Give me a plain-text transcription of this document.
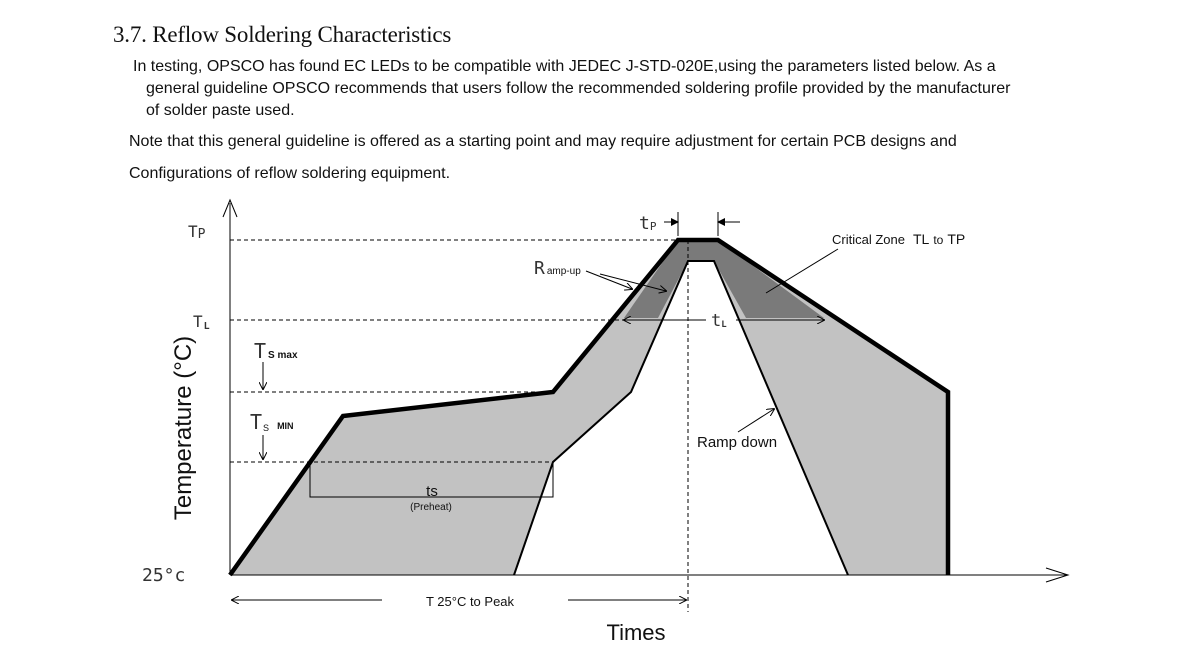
3.7. Reflow Soldering Characteristics
In testing, OPSCO has found EC LEDs to be compatible with JEDEC J-STD-020E,using the parameters listed below. As a
general guideline OPSCO recommends that users follow the recommended soldering profile provided by the manufacturer
of solder paste used.
Note that this general guideline is offered as a starting point and may require adjustment for certain PCB designs and
Configurations of reflow soldering equipment.
TP
TL
T S max
TS MIN
25°c
Temperature (°C)
tP
tL
Critical Zone TL to TP
Ramp-up
Ramp down
ts
(Preheat)
T 25°C to Peak
Times
